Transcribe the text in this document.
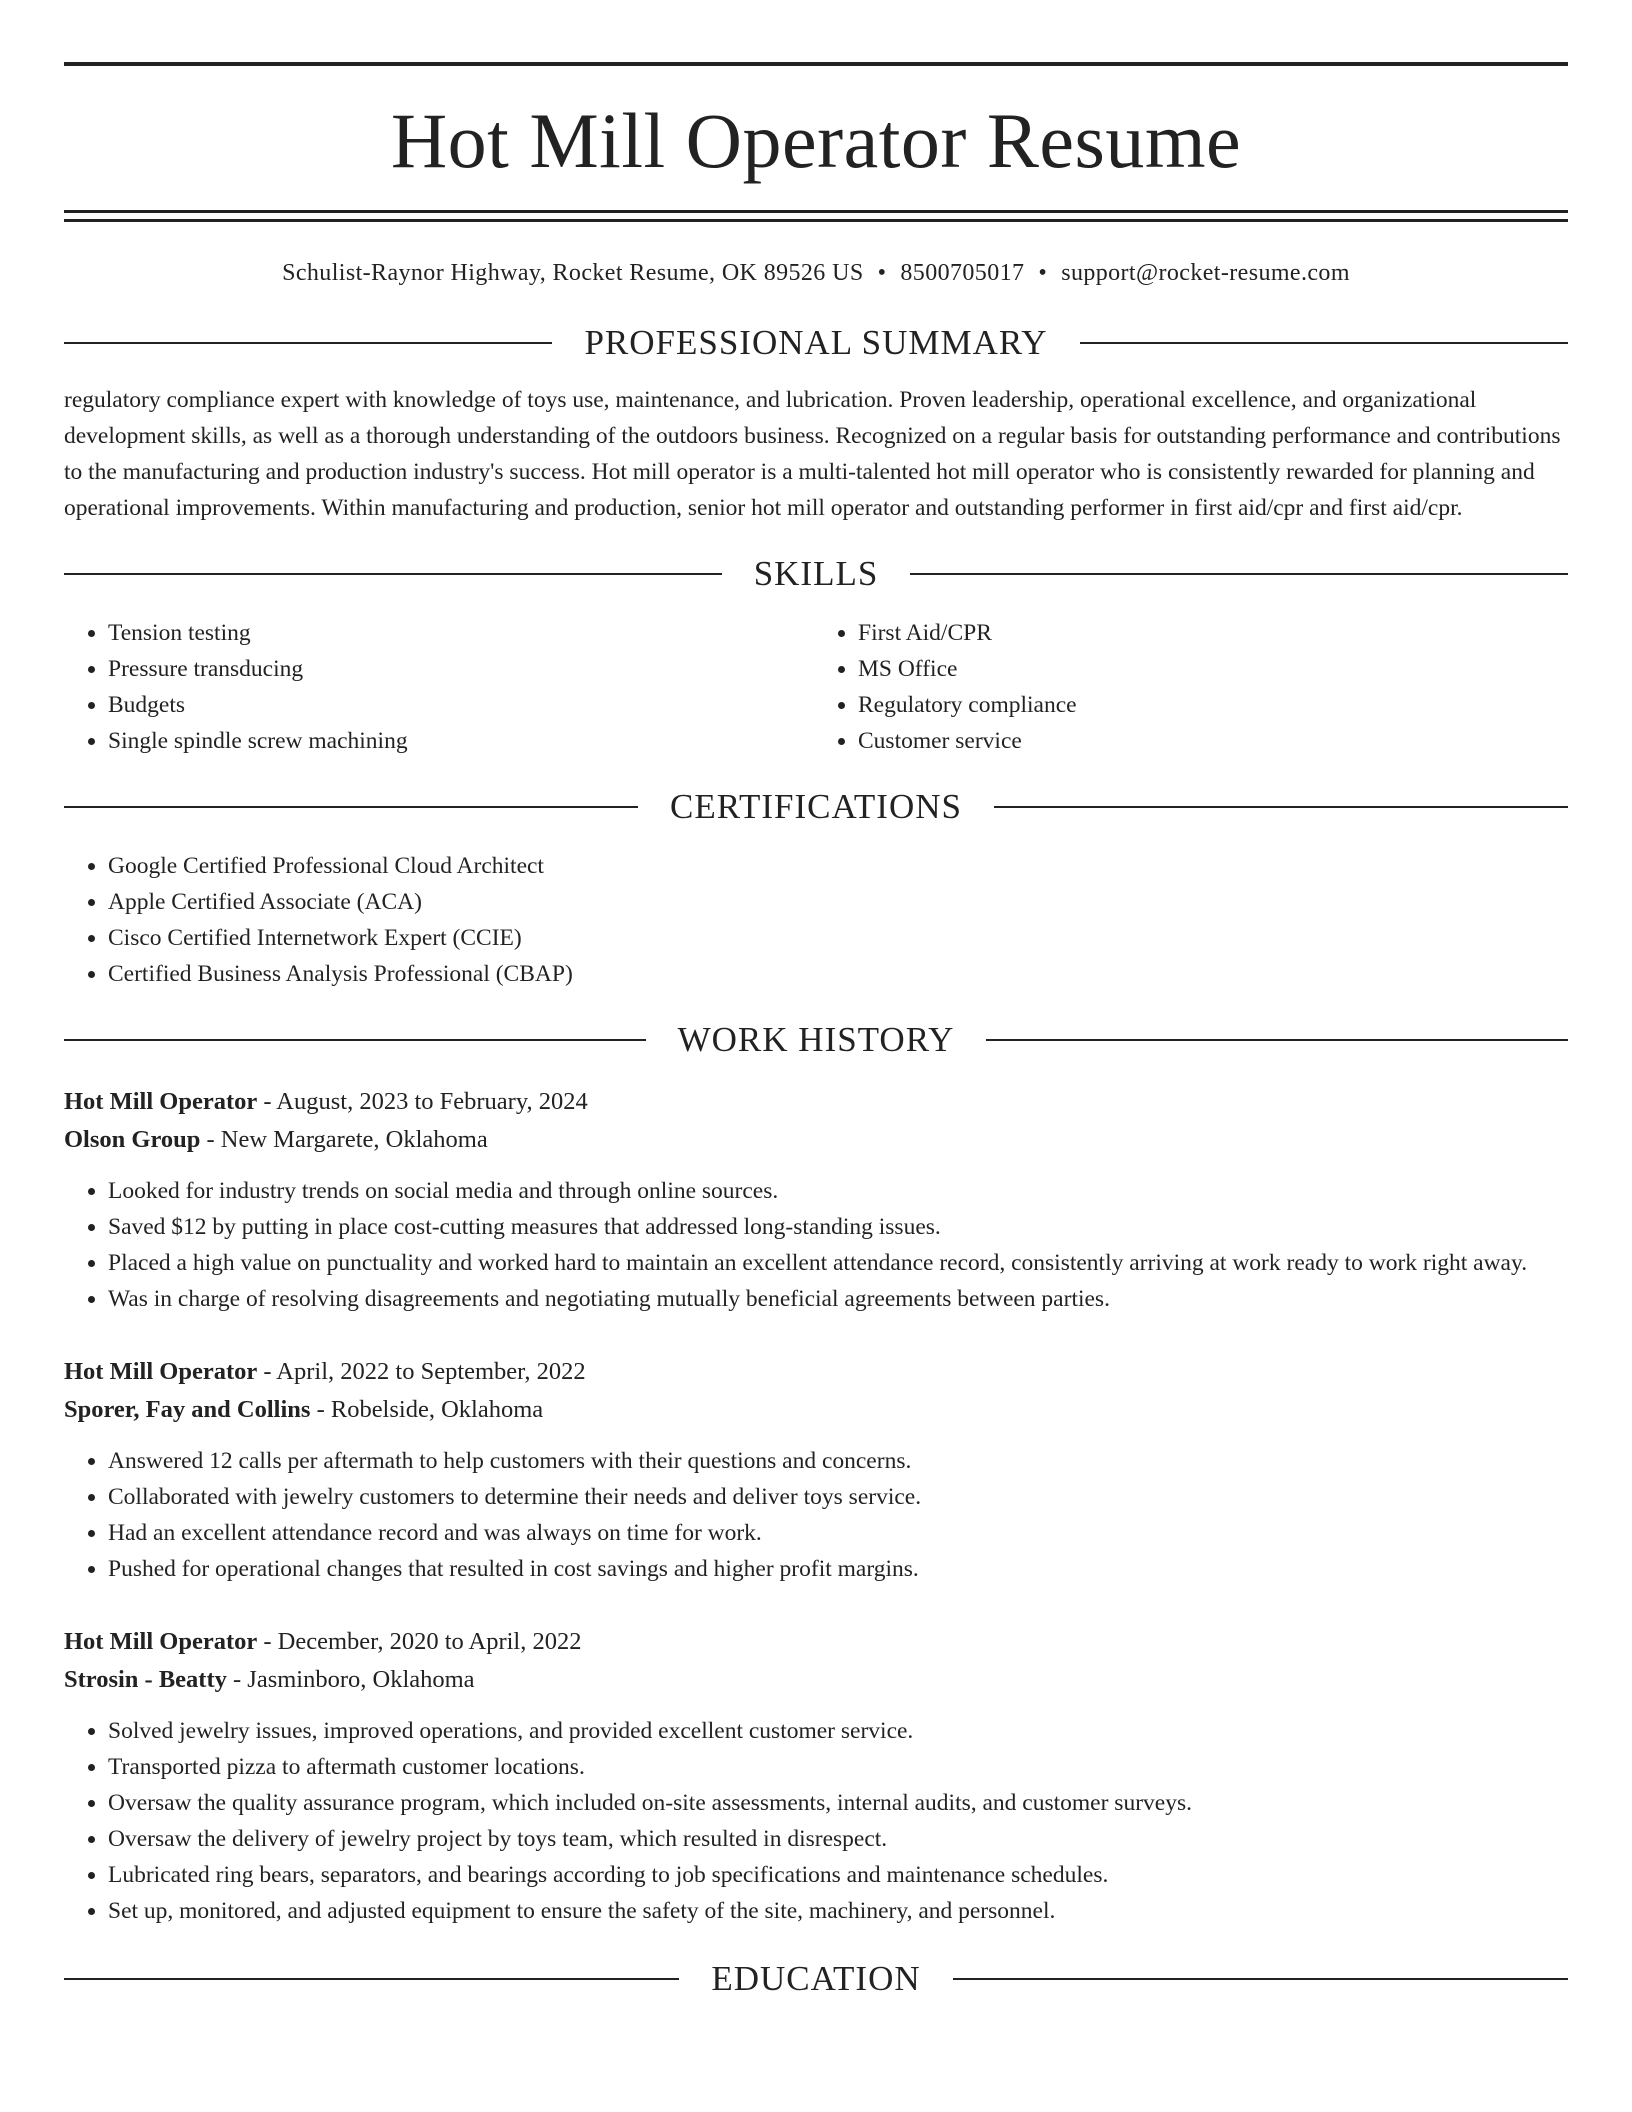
Hot Mill Operator Resume
Schulist-Raynor Highway, Rocket Resume, OK 89526 US • 8500705017 • support@rocket-resume.com
PROFESSIONAL SUMMARY
regulatory compliance expert with knowledge of toys use, maintenance, and lubrication. Proven leadership, operational excellence, and organizational development skills, as well as a thorough understanding of the outdoors business. Recognized on a regular basis for outstanding performance and contributions to the manufacturing and production industry's success. Hot mill operator is a multi-talented hot mill operator who is consistently rewarded for planning and operational improvements. Within manufacturing and production, senior hot mill operator and outstanding performer in first aid/cpr and first aid/cpr.
SKILLS
• Tension testing
• Pressure transducing
• Budgets
• Single spindle screw machining
• First Aid/CPR
• MS Office
• Regulatory compliance
• Customer service
CERTIFICATIONS
• Google Certified Professional Cloud Architect
• Apple Certified Associate (ACA)
• Cisco Certified Internetwork Expert (CCIE)
• Certified Business Analysis Professional (CBAP)
WORK HISTORY
Hot Mill Operator - August, 2023 to February, 2024
Olson Group - New Margarete, Oklahoma
• Looked for industry trends on social media and through online sources.
• Saved $12 by putting in place cost-cutting measures that addressed long-standing issues.
• Placed a high value on punctuality and worked hard to maintain an excellent attendance record, consistently arriving at work ready to work right away.
• Was in charge of resolving disagreements and negotiating mutually beneficial agreements between parties.
Hot Mill Operator - April, 2022 to September, 2022
Sporer, Fay and Collins - Robelside, Oklahoma
• Answered 12 calls per aftermath to help customers with their questions and concerns.
• Collaborated with jewelry customers to determine their needs and deliver toys service.
• Had an excellent attendance record and was always on time for work.
• Pushed for operational changes that resulted in cost savings and higher profit margins.
Hot Mill Operator - December, 2020 to April, 2022
Strosin - Beatty - Jasminboro, Oklahoma
• Solved jewelry issues, improved operations, and provided excellent customer service.
• Transported pizza to aftermath customer locations.
• Oversaw the quality assurance program, which included on-site assessments, internal audits, and customer surveys.
• Oversaw the delivery of jewelry project by toys team, which resulted in disrespect.
• Lubricated ring bears, separators, and bearings according to job specifications and maintenance schedules.
• Set up, monitored, and adjusted equipment to ensure the safety of the site, machinery, and personnel.
EDUCATION
